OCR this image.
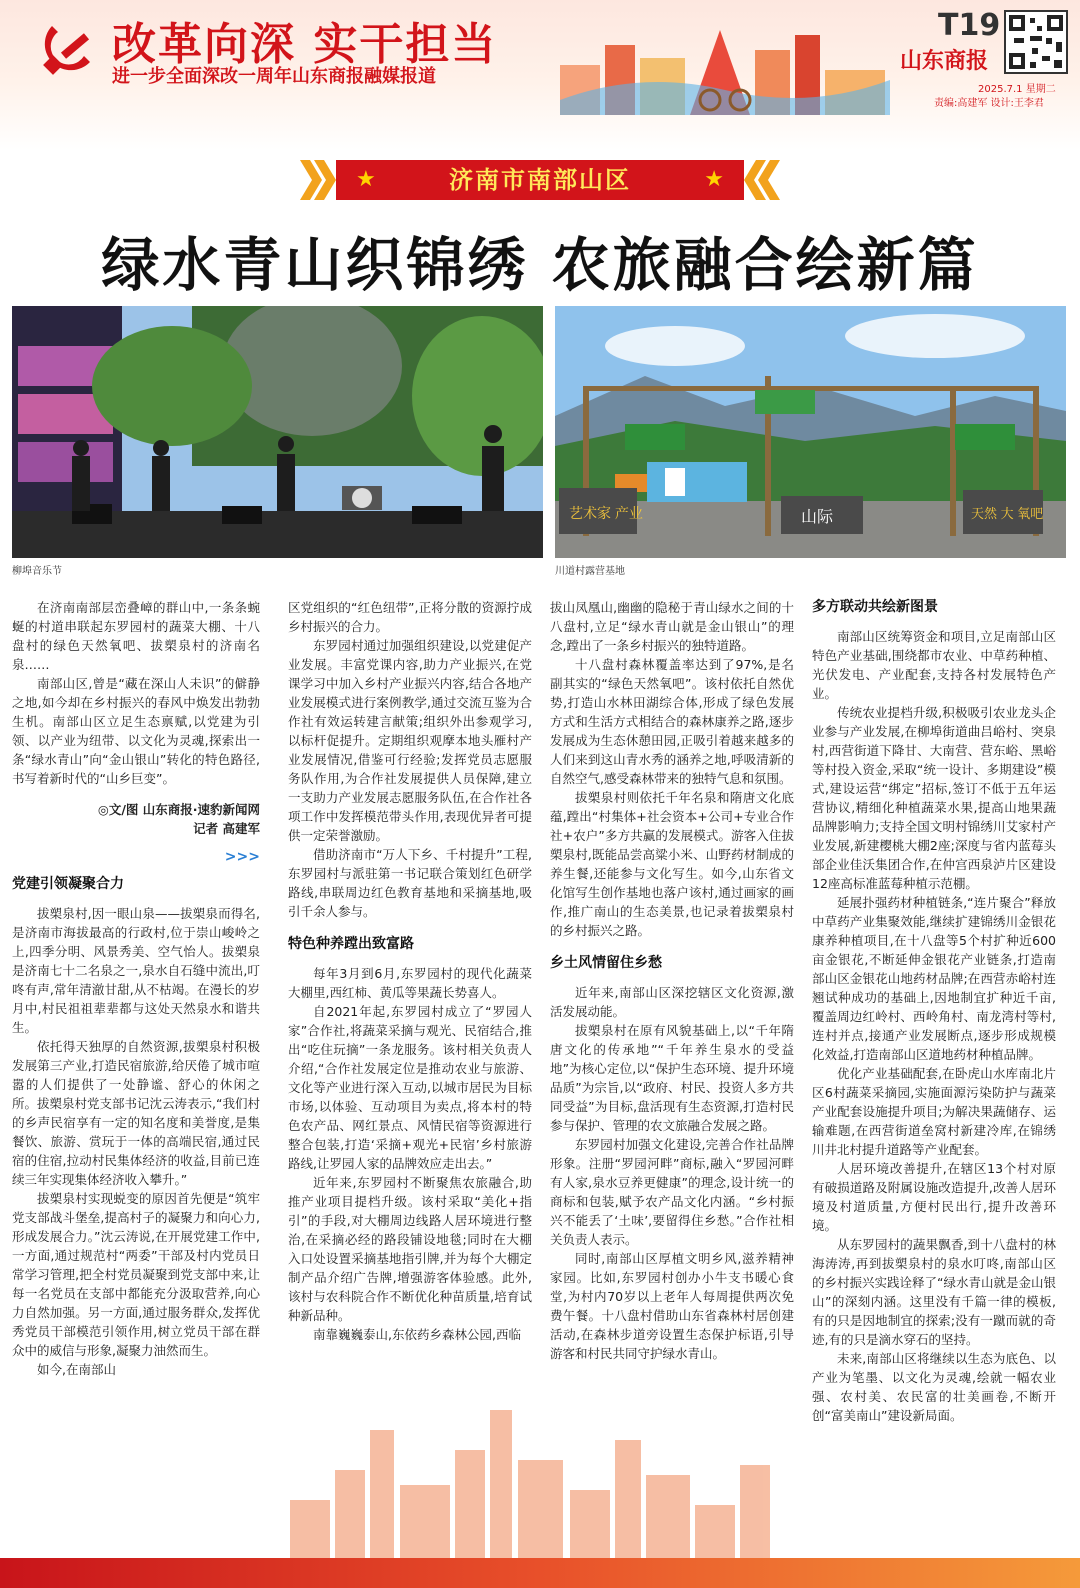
改革向深 实干担当
进一步全面深改一周年山东商报融媒报道
T19
山东商报
2025.7.1 星期二
责编:高建军 设计:王李君
★	济南市南部山区	★
绿水青山织锦绣 农旅融合绘新篇
柳埠音乐节
艺术家 产业	山际	天然 大 氧吧
川道村露营基地

在济南南部层峦叠嶂的群山中,一条条蜿蜒的村道串联起东罗园村的蔬菜大棚、十八盘村的绿色天然氧吧、拔槊泉村的济南名泉……

南部山区,曾是“藏在深山人未识”的僻静之地,如今却在乡村振兴的春风中焕发出勃勃生机。南部山区立足生态禀赋,以党建为引领、以产业为纽带、以文化为灵魂,探索出一条“绿水青山”向“金山银山”转化的特色路径,书写着新时代的“山乡巨变”。

◎文/图 山东商报·速豹新闻网
记者 高建军
>>>
党建引领凝聚合力

拔槊泉村,因一眼山泉——拔槊泉而得名,是济南市海拔最高的行政村,位于崇山峻岭之上,四季分明、风景秀美、空气怡人。拔槊泉是济南七十二名泉之一,泉水自石缝中流出,叮咚有声,常年清澈甘甜,从不枯竭。在漫长的岁月中,村民祖祖辈辈都与这处天然泉水和谐共生。

依托得天独厚的自然资源,拔槊泉村积极发展第三产业,打造民宿旅游,给厌倦了城市喧嚣的人们提供了一处静谧、舒心的休闲之所。拔槊泉村党支部书记沈云涛表示,“我们村的乡声民宿享有一定的知名度和美誉度,是集餐饮、旅游、赏玩于一体的高端民宿,通过民宿的住宿,拉动村民集体经济的收益,目前已连续三年实现集体经济收入攀升。”

拔槊泉村实现蜕变的原因首先便是“筑牢党支部战斗堡垒,提高村子的凝聚力和向心力,形成发展合力。”沈云涛说,在开展党建工作中,一方面,通过规范村“两委”干部及村内党员日常学习管理,把全村党员凝聚到党支部中来,让每一名党员在支部中都能充分汲取营养,向心力自然加强。另一方面,通过服务群众,发挥优秀党员干部模范引领作用,树立党员干部在群众中的威信与形象,凝聚力油然而生。

如今,在南部山

区党组织的“红色纽带”,正将分散的资源拧成乡村振兴的合力。

东罗园村通过加强组织建设,以党建促产业发展。丰富党课内容,助力产业振兴,在党课学习中加入乡村产业振兴内容,结合各地产业发展模式进行案例教学,通过交流互鉴为合作社有效运转建言献策;组织外出参观学习,以标杆促提升。定期组织观摩本地头雁村产业发展情况,借鉴可行经验;发挥党员志愿服务队作用,为合作社发展提供人员保障,建立一支助力产业发展志愿服务队伍,在合作社各项工作中发挥模范带头作用,表现优异者可提供一定荣誉激励。

借助济南市“万人下乡、千村提升”工程,东罗园村与派驻第一书记联合策划红色研学路线,串联周边红色教育基地和采摘基地,吸引千余人参与。

特色种养蹚出致富路

每年3月到6月,东罗园村的现代化蔬菜大棚里,西红柿、黄瓜等果蔬长势喜人。

自2021年起,东罗园村成立了“罗园人家”合作社,将蔬菜采摘与观光、民宿结合,推出“吃住玩摘”一条龙服务。该村相关负责人介绍,“合作社发展定位是推动农业与旅游、文化等产业进行深入互动,以城市居民为目标市场,以体验、互动项目为卖点,将本村的特色农产品、网红景点、风情民宿等资源进行整合包装,打造‘采摘+观光+民宿’乡村旅游路线,让罗园人家的品牌效应走出去。”

近年来,东罗园村不断聚焦农旅融合,助推产业项目提档升级。该村采取“美化+指引”的手段,对大棚周边线路人居环境进行整治,在采摘必经的路段铺设地毯;同时在大棚入口处设置采摘基地指引牌,并为每个大棚定制产品介绍广告牌,增强游客体验感。此外,该村与农科院合作不断优化种苗质量,培育试种新品种。

南靠巍巍泰山,东依药乡森林公园,西临

拔山凤凰山,幽幽的隐秘于青山绿水之间的十八盘村,立足“绿水青山就是金山银山”的理念,蹚出了一条乡村振兴的独特道路。

十八盘村森林覆盖率达到了97%,是名副其实的“绿色天然氧吧”。该村依托自然优势,打造山水林田湖综合体,形成了绿色发展方式和生活方式相结合的森林康养之路,逐步发展成为生态休憩田园,正吸引着越来越多的人们来到这山青水秀的涵养之地,呼吸清新的自然空气,感受森林带来的独特气息和氛围。

拔槊泉村则依托千年名泉和隋唐文化底蕴,蹚出“村集体+社会资本+公司+专业合作社+农户”多方共赢的发展模式。游客入住拔槊泉村,既能品尝高粱小米、山野药材制成的养生餐,还能参与文化写生。如今,山东省文化馆写生创作基地也落户该村,通过画家的画作,推广南山的生态美景,也记录着拔槊泉村的乡村振兴之路。

乡土风情留住乡愁

近年来,南部山区深挖辖区文化资源,激活发展动能。

拔槊泉村在原有风貌基础上,以“千年隋唐文化的传承地”“千年养生泉水的受益地”为核心定位,以“保护生态环境、提升环境品质”为宗旨,以“政府、村民、投资人多方共同受益”为目标,盘活现有生态资源,打造村民参与保护、管理的农文旅融合发展之路。

东罗园村加强文化建设,完善合作社品牌形象。注册“罗园河畔”商标,融入“罗园河畔有人家,泉水豆养更健康”的理念,设计统一的商标和包装,赋予农产品文化内涵。“乡村振兴不能丢了‘土味’,要留得住乡愁。”合作社相关负责人表示。

同时,南部山区厚植文明乡风,滋养精神家园。比如,东罗园村创办小牛支书暖心食堂,为村内70岁以上老年人每周提供两次免费午餐。十八盘村借助山东省森林村居创建活动,在森林步道旁设置生态保护标语,引导游客和村民共同守护绿水青山。

多方联动共绘新图景

南部山区统筹资金和项目,立足南部山区特色产业基础,围绕都市农业、中草药种植、光伏发电、产业配套,支持各村发展特色产业。

传统农业提档升级,积极吸引农业龙头企业参与产业发展,在柳埠街道曲吕峪村、突泉村,西营街道下降甘、大南营、营东峪、黑峪等村投入资金,采取“统一设计、多期建设”模式,建设运营“绑定”招标,签订不低于五年运营协议,精细化种植蔬菜水果,提高山地果蔬品牌影响力;支持全国文明村锦绣川艾家村产业发展,新建樱桃大棚2座;深度与省内蓝莓头部企业佳沃集团合作,在仲宫西泉泸片区建设12座高标准蓝莓种植示范棚。

延展扑强药材种植链条,“连片聚合”释放中草药产业集聚效能,继续扩建锦绣川金银花康养种植项目,在十八盘等5个村扩种近600亩金银花,不断延伸金银花产业链条,打造南部山区金银花山地药材品牌;在西营赤峪村连翘试种成功的基础上,因地制宜扩种近千亩,覆盖周边红岭村、西岭角村、南龙湾村等村,连村并点,接通产业发展断点,逐步形成规模化效益,打造南部山区道地药材种植品牌。

优化产业基础配套,在卧虎山水库南北片区6村蔬菜采摘园,实施面源污染防护与蔬菜产业配套设施提升项目;为解决果蔬储存、运输难题,在西营街道垒窝村新建冷库,在锦绣川井北村提升道路等产业配套。

人居环境改善提升,在辖区13个村对原有破损道路及附属设施改造提升,改善人居环境及村道质量,方便村民出行,提升改善环境。

从东罗园村的蔬果飘香,到十八盘村的林海涛涛,再到拔槊泉村的泉水叮咚,南部山区的乡村振兴实践诠释了“绿水青山就是金山银山”的深刻内涵。这里没有千篇一律的模板,有的只是因地制宜的探索;没有一蹴而就的奇迹,有的只是滴水穿石的坚持。

未来,南部山区将继续以生态为底色、以产业为笔墨、以文化为灵魂,绘就一幅农业强、农村美、农民富的壮美画卷,不断开创“富美南山”建设新局面。
